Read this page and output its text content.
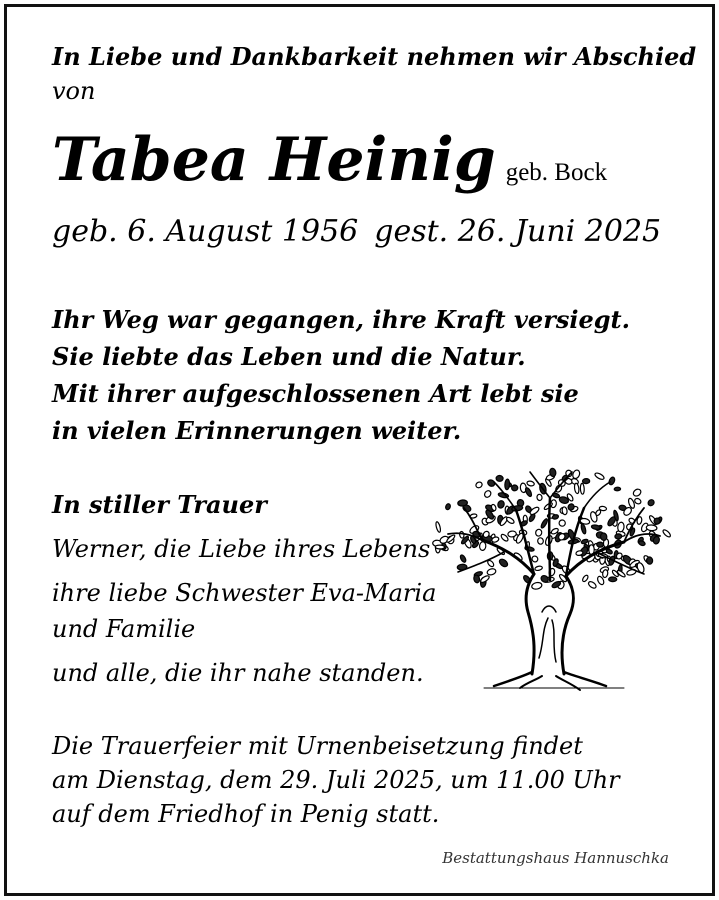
In Liebe und Dankbarkeit nehmen wir Abschied
von
Tabea Heinig geb. Bock
geb. 6. August 1956 gest. 26. Juni 2025
Ihr Weg war gegangen, ihre Kraft versiegt.
Sie liebte das Leben und die Natur.
Mit ihrer aufgeschlossenen Art lebt sie
in vielen Erinnerungen weiter.
In stiller Trauer
Werner, die Liebe ihres Lebens
ihre liebe Schwester Eva-Maria
und Familie
und alle, die ihr nahe standen.
Die Trauerfeier mit Urnenbeisetzung findet
am Dienstag, dem 29. Juli 2025, um 11.00 Uhr
auf dem Friedhof in Penig statt.
Bestattungshaus Hannuschka
